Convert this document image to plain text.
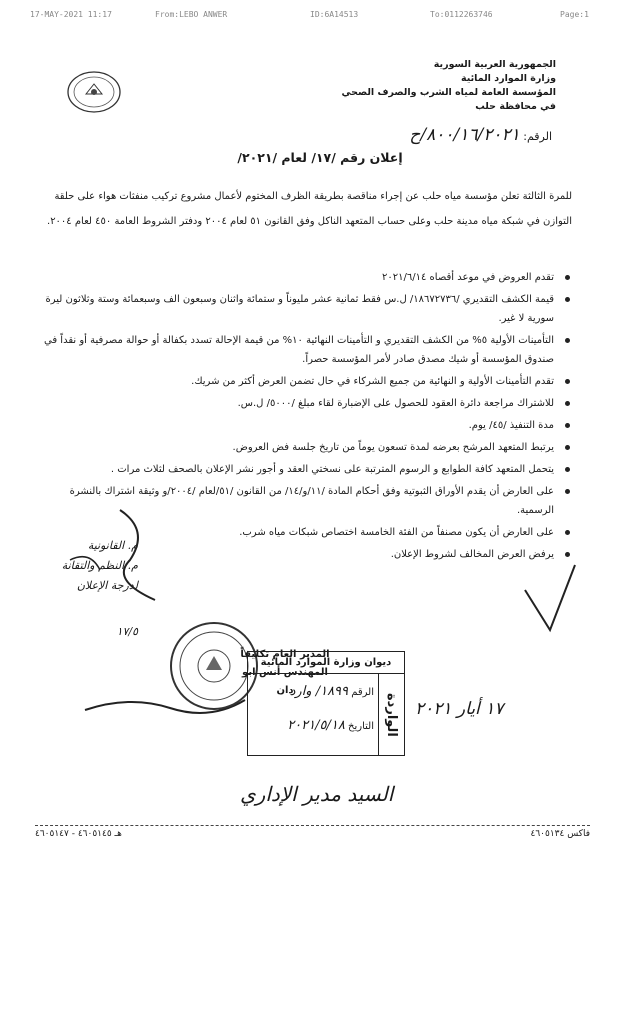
17-MAY-2021 11:17	From:LEBO ANWER	ID:6A14513	To:0112263746	Page:1
الجمهورية العربية السورية
وزارة الموارد المائية
المؤسسة العامة لمياه الشرب والصرف الصحي
في محافظة حلب
الرقم: ٨٠٠/١٦/٢٠٢١/ح
إعلان رقم /١٧/ لعام /٢٠٢١/
للمرة الثالثة تعلن مؤسسة مياه حلب عن إجراء مناقصة بطريقة الظرف المختوم لأعمال مشروع تركيب منفثات هواء على حلقة التوازن في شبكة مياه مدينة حلب وعلى حساب المتعهد الناكل وفق القانون ٥١ لعام ٢٠٠٤ ودفتر الشروط العامة ٤٥٠ لعام ٢٠٠٤.
تقدم العروض في موعد أقصاه ٢٠٢١/٦/١٤
قيمة الكشف التقديري /١٨٦٧٢٧٣٦/ ل.س فقط ثمانية عشر مليوناً و ستمائة واثنان وسبعون الف وسبعمائة وستة وثلاثون ليرة سورية لا غير.
التأمينات الأولية ٥% من الكشف التقديري و التأمينات النهائية ١٠% من قيمة الإحالة تسدد بكفالة أو حوالة مصرفية أو نقداً في صندوق المؤسسة أو شيك مصدق صادر لأمر المؤسسة حصراً.
تقدم التأمينات الأولية و النهائية من جميع الشركاء في حال تضمن العرض أكثر من شريك.
للاشتراك مراجعة دائرة العقود للحصول على الإضبارة لقاء مبلغ /٥٠٠٠/ ل.س.
مدة التنفيذ /٤٥/ يوم.
يرتبط المتعهد المرشح بعرضه لمدة تسعون يوماً من تاريخ جلسة فض العروض.
يتحمل المتعهد كافة الطوابع و الرسوم المترتبة على نسختي العقد و أجور نشر الإعلان بالصحف لثلاث مرات .
على العارض أن يقدم الأوراق الثبوتية وفق أحكام المادة /١١/و/١٤/ من القانون /٥١/لعام /٢٠٠٤/و وثيقة اشتراك بالنشرة الرسمية.
على العارض أن يكون مصنفاً من الفئة الخامسة اختصاص شبكات مياه شرب.
يرفض العرض المخالف لشروط الإعلان.
م. القانونية
م. النظم والتقانة
لدرجة الإعلان
١٧/٥
المدير العام تكليفاً
المهندس أنس ابو دان
ديوان وزارة الموارد المائية
الواردة
الرقم ١٨٩٩/ وارد
التاريخ ٢٠٢١/٥/١٨
١٧ أيار ٢٠٢١
السيد مدير الإداري
فاكس ٤٦٠٥١٣٤
هـ ٤٦٠٥١٤٥ - ٤٦٠٥١٤٧
